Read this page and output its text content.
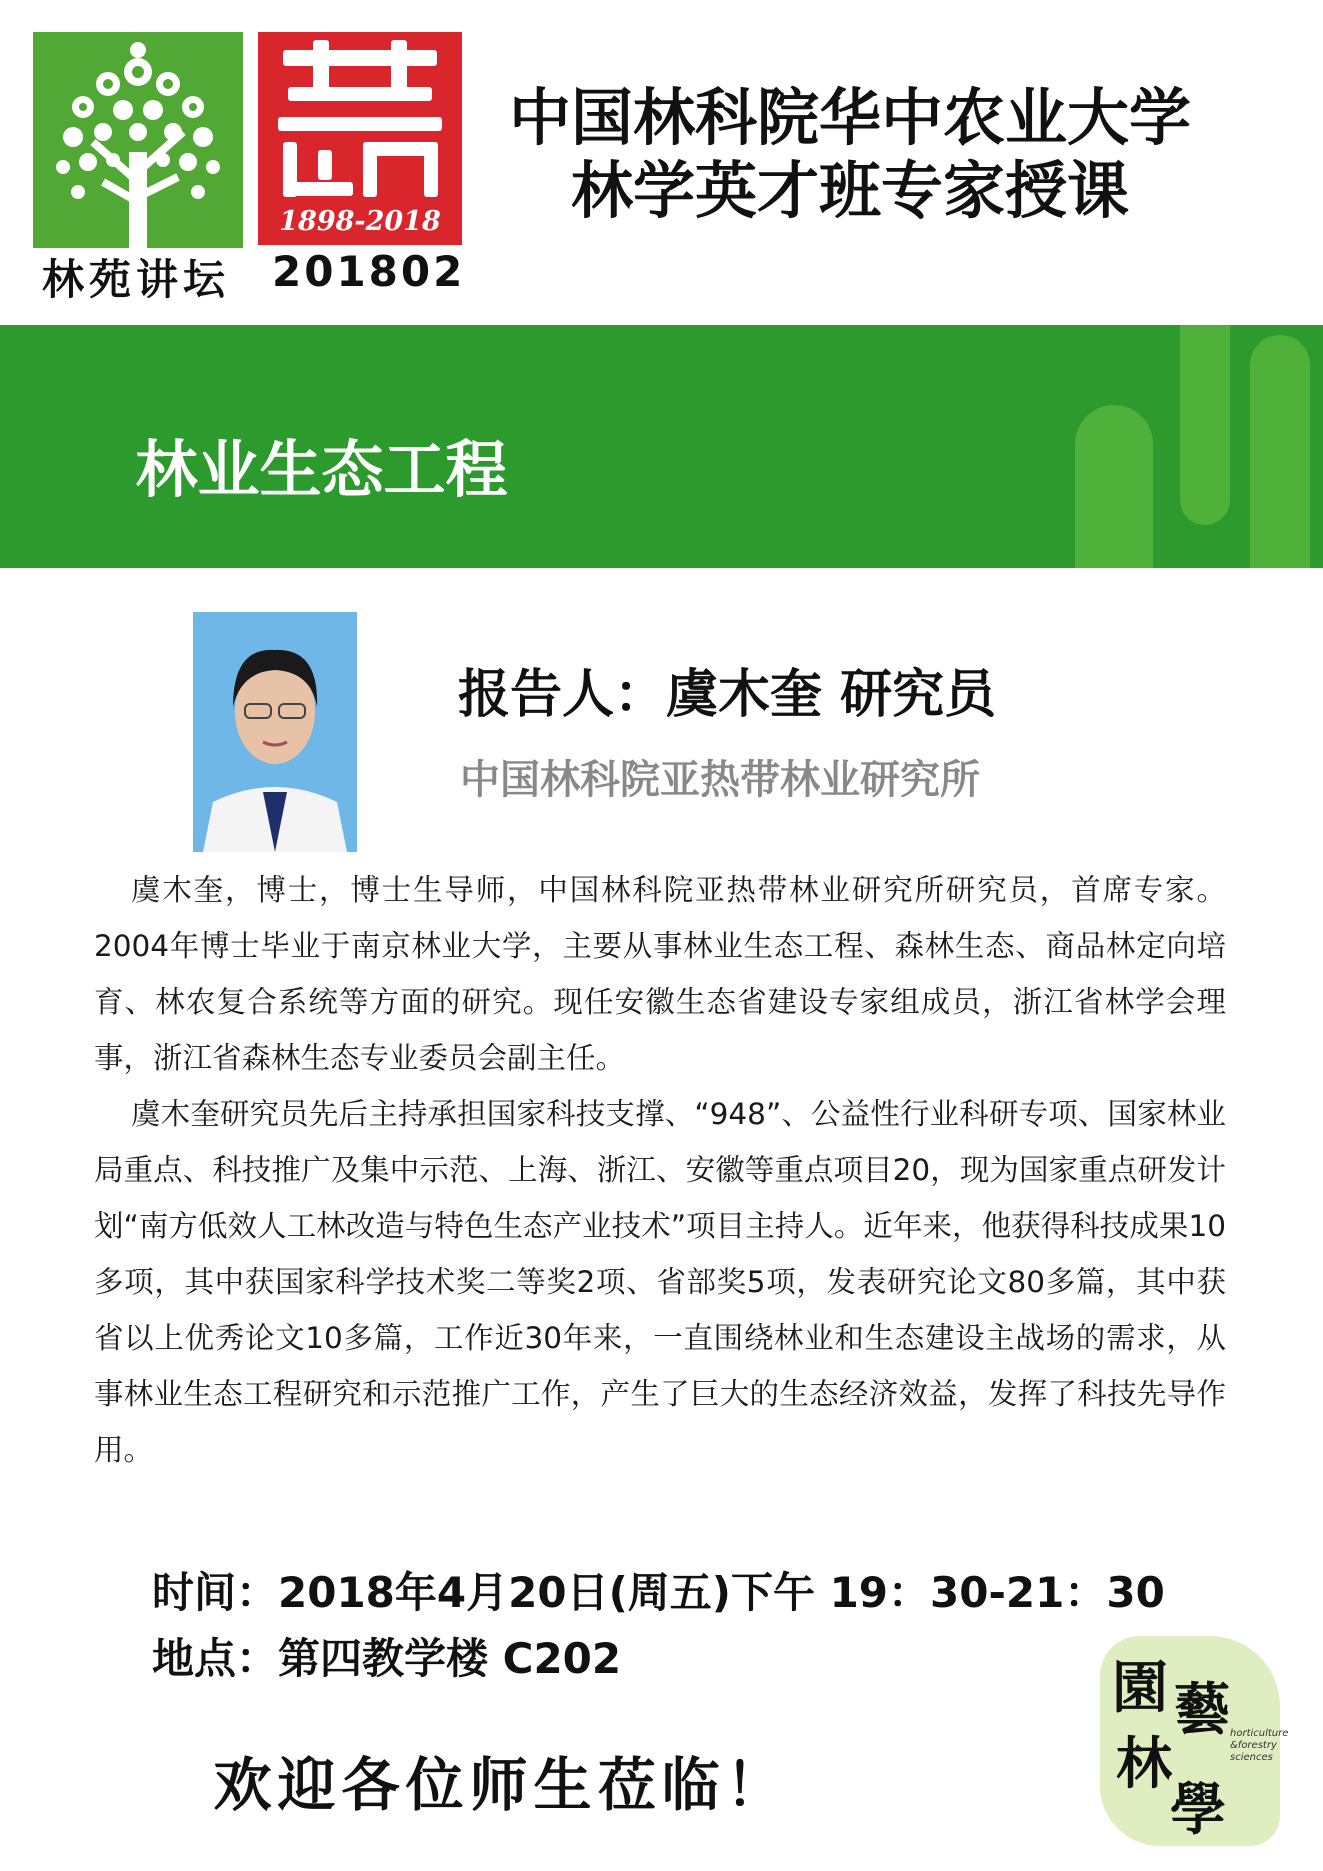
1898-2018
林苑讲坛 201802
中国林科院华中农业大学
林学英才班专家授课
林业生态工程
报告人：虞木奎 研究员
中国林科院亚热带林业研究所

虞木奎，博士，博士生导师，中国林科院亚热带林业研究所研究员，首席专家。2004年博士毕业于南京林业大学，主要从事林业生态工程、森林生态、商品林定向培育、林农复合系统等方面的研究。现任安徽生态省建设专家组成员，浙江省林学会理事，浙江省森林生态专业委员会副主任。

虞木奎研究员先后主持承担国家科技支撑、“948”、公益性行业科研专项、国家林业局重点、科技推广及集中示范、上海、浙江、安徽等重点项目20，现为国家重点研发计划“南方低效人工林改造与特色生态产业技术”项目主持人。近年来，他获得科技成果10多项，其中获国家科学技术奖二等奖2项、省部奖5项，发表研究论文80多篇，其中获省以上优秀论文10多篇，工作近30年来，一直围绕林业和生态建设主战场的需求，从事林业生态工程研究和示范推广工作，产生了巨大的生态经济效益，发挥了科技先导作用。

时间：2018年4月20日(周五)下午 19：30-21：30
地点：第四教学楼 C202
欢迎各位师生莅临！
園 藝
林
學
horticulture &forestry sciences
